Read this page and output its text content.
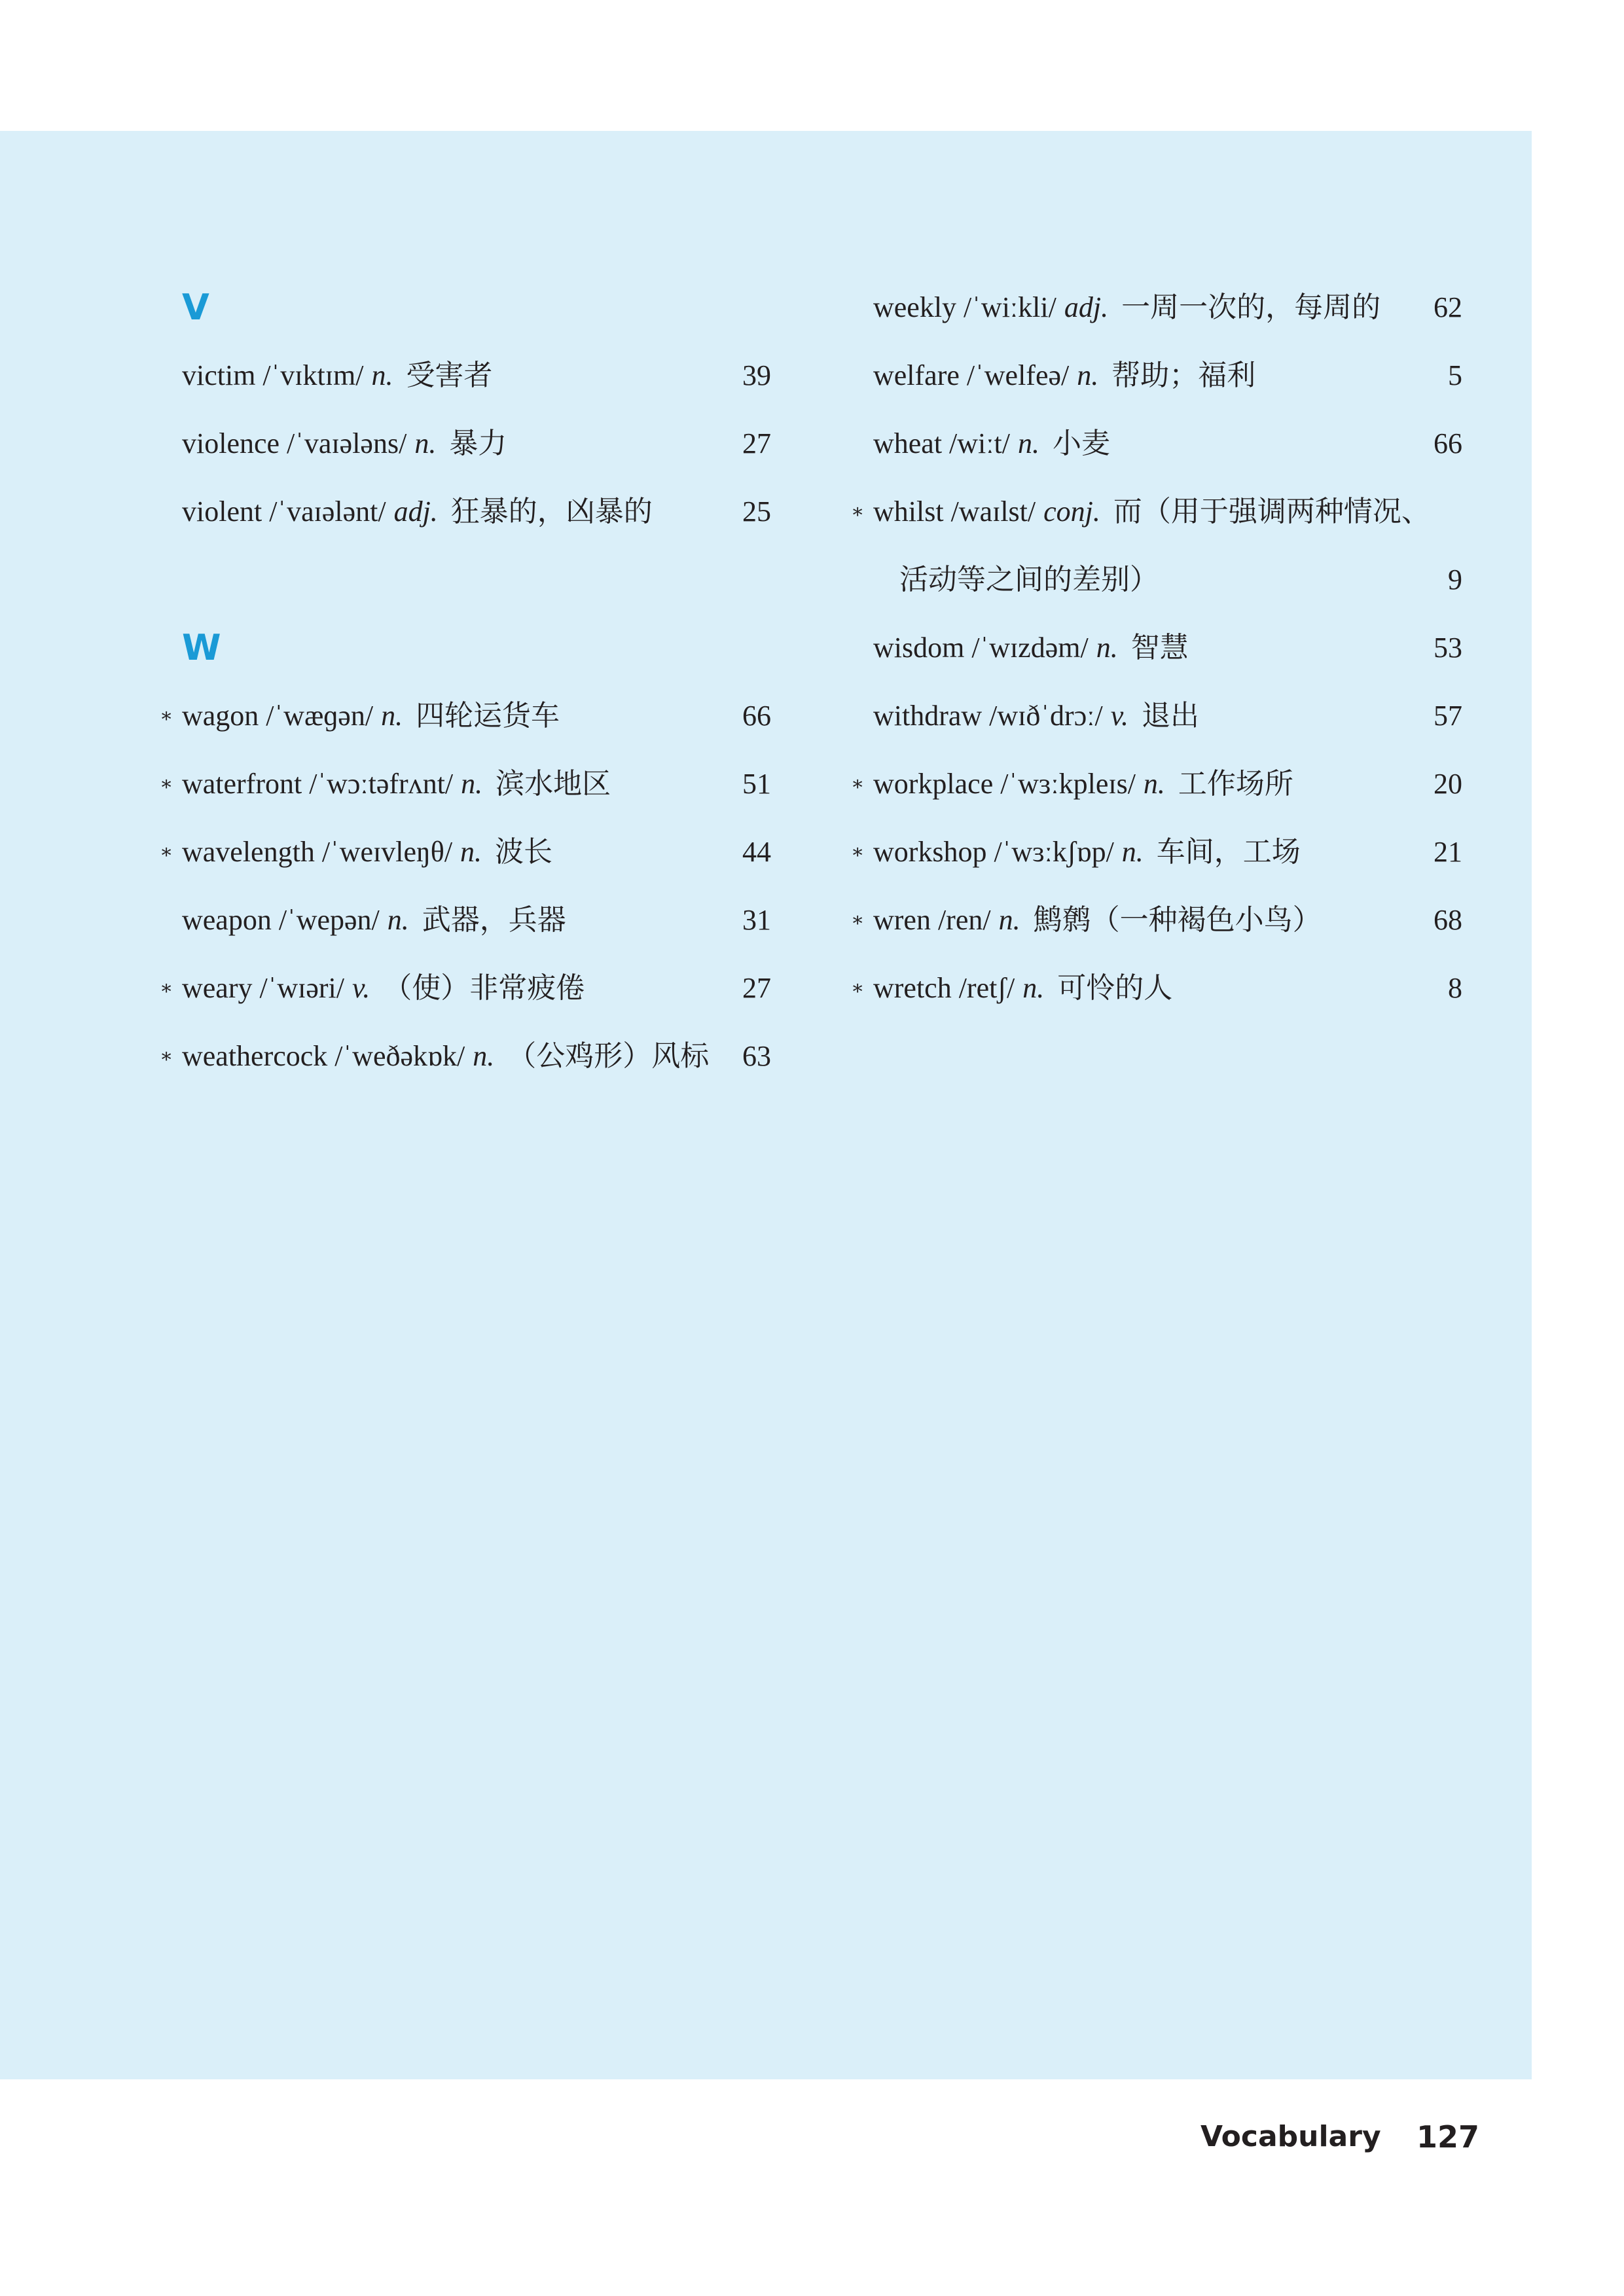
V
victim /ˈvɪktɪm/ n. 受害者	39
violence /ˈvaɪələns/ n. 暴力	27
violent /ˈvaɪələnt/ adj. 狂暴的，凶暴的	25
W
∗ wagon /ˈwæɡən/ n. 四轮运货车	66
∗ waterfront /ˈwɔːtəfrʌnt/ n. 滨水地区	51
∗ wavelength /ˈweɪvleŋθ/ n. 波长	44
weapon /ˈwepən/ n. 武器，兵器	31
∗ weary /ˈwɪəri/ v. （使）非常疲倦	27
∗ weathercock /ˈweðəkɒk/ n. （公鸡形）风标 63
weekly /ˈwiːkli/ adj. 一周一次的，每周的 62
welfare /ˈwelfeə/ n. 帮助；福利	5
wheat /wiːt/ n. 小麦	66
∗ whilst /waɪlst/ conj. 而（用于强调两种情况、
活动等之间的差别）	9
wisdom /ˈwɪzdəm/ n. 智慧	53
withdraw /wɪðˈdrɔː/ v. 退出	57
∗ workplace /ˈwɜːkpleɪs/ n. 工作场所	20
∗ workshop /ˈwɜːkʃɒp/ n. 车间，工场	21
∗ wren /ren/ n. 鹪鹩（一种褐色小鸟）	68
∗ wretch /retʃ/ n. 可怜的人	8
Vocabulary 127
